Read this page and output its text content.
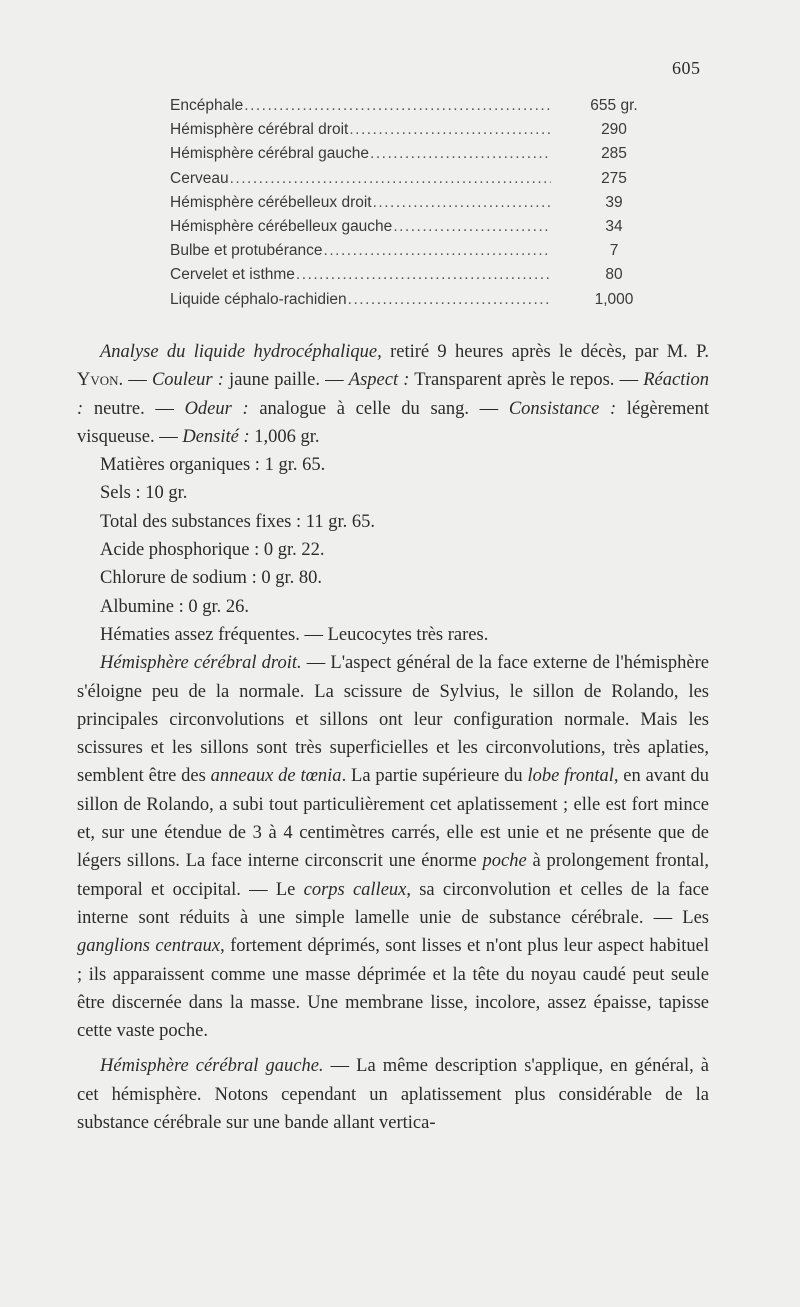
605
Encéphale .....	655 gr.
Hémisphère cérébral droit .....	290
Hémisphère cérébral gauche .....	285
Cerveau .....	275
Hémisphère cérébelleux droit .....	39
Hémisphère cérébelleux gauche .....	34
Bulbe et protubérance .....	7
Cervelet et isthme .....	80
Liquide céphalo-rachidien .....	1,000

Analyse du liquide hydrocéphalique, retiré 9 heures après le décès, par M. P. Yvon. — Couleur : jaune paille. — Aspect : Transparent après le repos. — Réaction : neutre. — Odeur : analogue à celle du sang. — Consistance : légèrement visqueuse. — Densité : 1,006 gr.

Matières organiques : 1 gr. 65.

Sels : 10 gr.

Total des substances fixes : 11 gr. 65.

Acide phosphorique : 0 gr. 22.

Chlorure de sodium : 0 gr. 80.

Albumine : 0 gr. 26.

Hématies assez fréquentes. — Leucocytes très rares.

Hémisphère cérébral droit. — L'aspect général de la face externe de l'hémisphère s'éloigne peu de la normale. La scissure de Sylvius, le sillon de Rolando, les principales circonvolutions et sillons ont leur configuration normale. Mais les scissures et les sillons sont très superficielles et les circonvolutions, très aplaties, semblent être des anneaux de tœnia. La partie supérieure du lobe frontal, en avant du sillon de Rolando, a subi tout particulièrement cet aplatissement ; elle est fort mince et, sur une étendue de 3 à 4 centimètres carrés, elle est unie et ne présente que de légers sillons. La face interne circonscrit une énorme poche à prolongement frontal, temporal et occipital. — Le corps calleux, sa circonvolution et celles de la face interne sont réduits à une simple lamelle unie de substance cérébrale. — Les ganglions centraux, fortement déprimés, sont lisses et n'ont plus leur aspect habituel ; ils apparaissent comme une masse déprimée et la tête du noyau caudé peut seule être discernée dans la masse. Une membrane lisse, incolore, assez épaisse, tapisse cette vaste poche.

Hémisphère cérébral gauche. — La même description s'applique, en général, à cet hémisphère. Notons cependant un aplatissement plus considérable de la substance cérébrale sur une bande allant vertica-
